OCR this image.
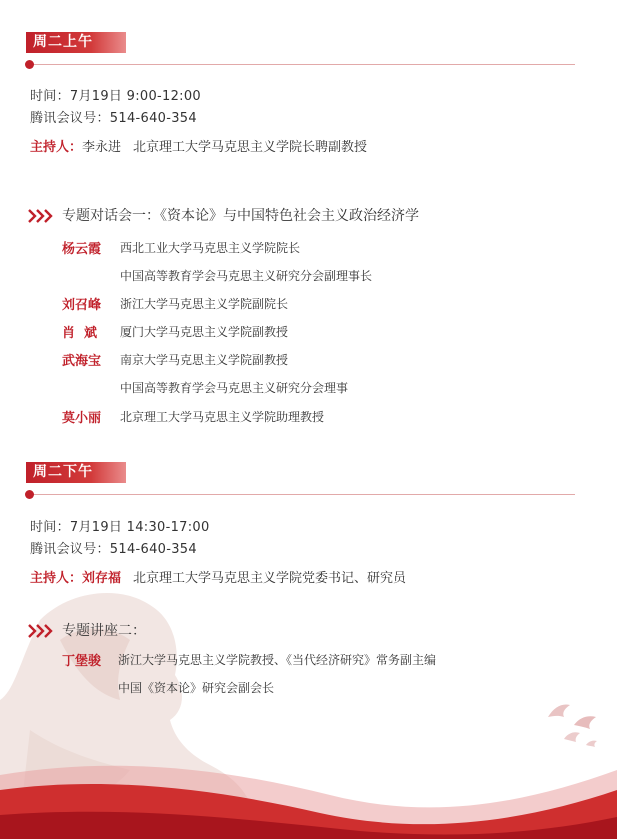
周二上午
时间：7月19日 9:00-12:00
腾讯会议号：514-640-354
主持人：李永进 北京理工大学马克思主义学院长聘副教授
专题对话会一：《资本论》与中国特色社会主义政治经济学
杨云霞 西北工业大学马克思主义学院院长
中国高等教育学会马克思主义研究分会副理事长
刘召峰 浙江大学马克思主义学院副院长
肖  斌 厦门大学马克思主义学院副教授
武海宝 南京大学马克思主义学院副教授
中国高等教育学会马克思主义研究分会理事
莫小丽 北京理工大学马克思主义学院助理教授
周二下午
时间：7月19日 14:30-17:00
腾讯会议号：514-640-354
主持人：刘存福 北京理工大学马克思主义学院党委书记、研究员
专题讲座二：
丁堡骏 浙江大学马克思主义学院教授、《当代经济研究》常务副主编
中国《资本论》研究会副会长
